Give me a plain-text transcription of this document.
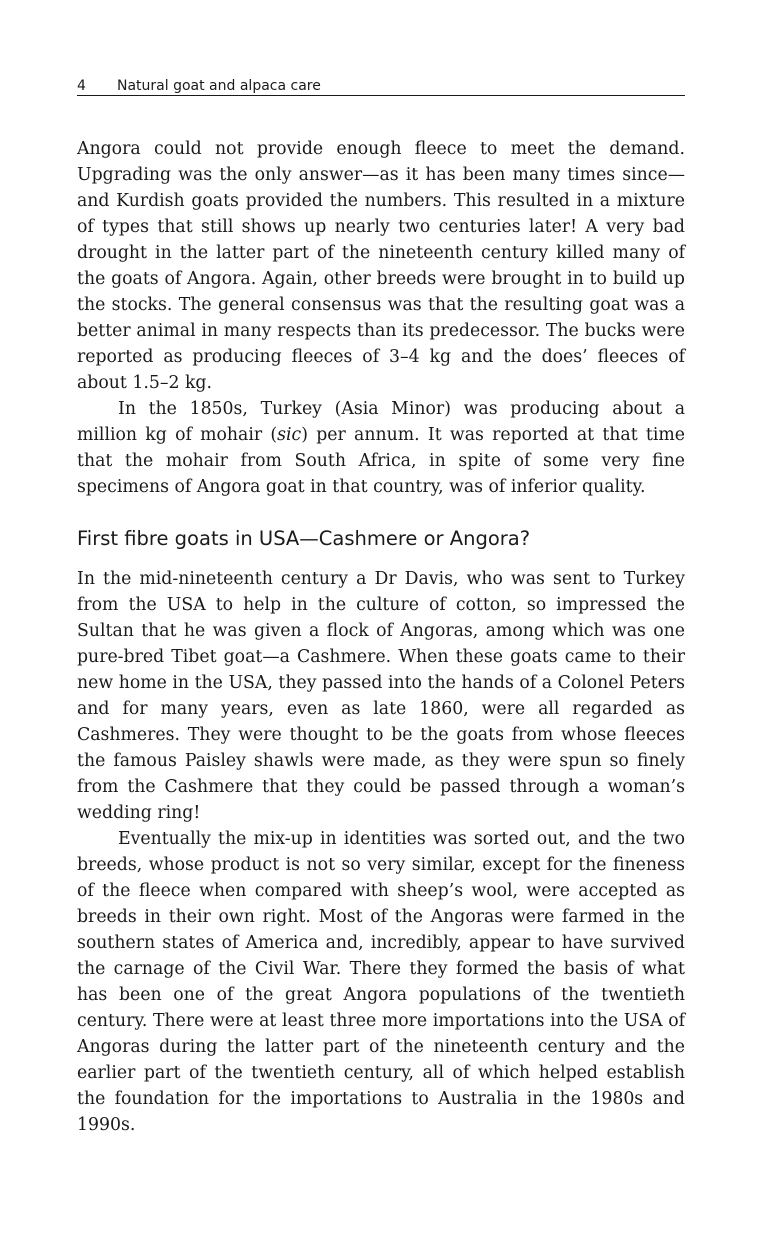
4 Natural goat and alpaca care

Angora could not provide enough fleece to meet the demand. Upgrading was the only answer—as it has been many times since—and Kurdish goats provided the numbers. This resulted in a mixture of types that still shows up nearly two centuries later! A very bad drought in the latter part of the nineteenth century killed many of the goats of Angora. Again, other breeds were brought in to build up the stocks. The general consensus was that the resulting goat was a better animal in many respects than its predecessor. The bucks were reported as producing fleeces of 3–4 kg and the does’ fleeces of about 1.5–2 kg.

In the 1850s, Turkey (Asia Minor) was producing about a million kg of mohair (sic) per annum. It was reported at that time that the mohair from South Africa, in spite of some very fine specimens of Angora goat in that country, was of inferior quality.

First fibre goats in USA—Cashmere or Angora?

In the mid-nineteenth century a Dr Davis, who was sent to Turkey from the USA to help in the culture of cotton, so impressed the Sultan that he was given a flock of Angoras, among which was one pure-bred Tibet goat—a Cashmere. When these goats came to their new home in the USA, they passed into the hands of a Colonel Peters and for many years, even as late 1860, were all regarded as Cashmeres. They were thought to be the goats from whose fleeces the famous Paisley shawls were made, as they were spun so finely from the Cashmere that they could be passed through a woman’s wedding ring!

Eventually the mix-up in identities was sorted out, and the two breeds, whose product is not so very similar, except for the fineness of the fleece when compared with sheep’s wool, were accepted as breeds in their own right. Most of the Angoras were farmed in the southern states of America and, incredibly, appear to have survived the carnage of the Civil War. There they formed the basis of what has been one of the great Angora populations of the twentieth century. There were at least three more importations into the USA of Angoras during the latter part of the nineteenth century and the earlier part of the twentieth century, all of which helped establish the foundation for the importations to Australia in the 1980s and 1990s.
